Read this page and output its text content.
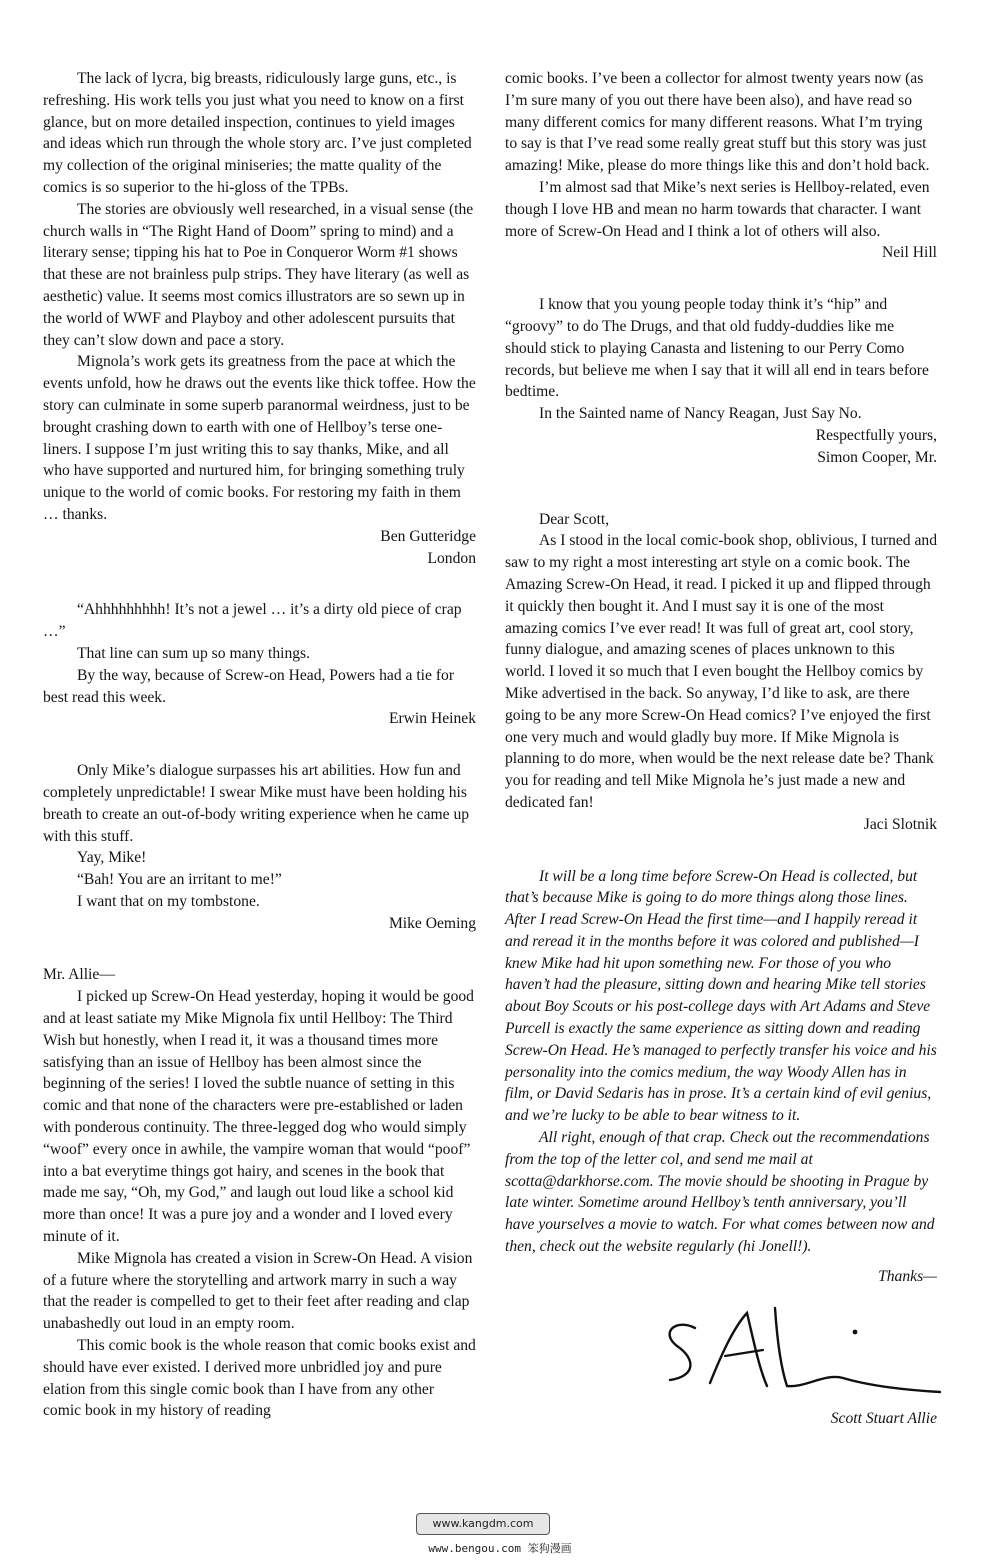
The lack of lycra, big breasts, ridiculously large guns, etc., is refreshing. His work tells you just what you need to know on a first glance, but on more detailed inspection, continues to yield images and ideas which run through the whole story arc. I’ve just completed my collection of the original miniseries; the matte quality of the comics is so superior to the hi-gloss of the TPBs.

The stories are obviously well researched, in a visual sense (the church walls in “The Right Hand of Doom” spring to mind) and a literary sense; tipping his hat to Poe in Conqueror Worm #1 shows that these are not brainless pulp strips. They have literary (as well as aesthetic) value. It seems most comics illustrators are so sewn up in the world of WWF and Playboy and other adolescent pursuits that they can’t slow down and pace a story.

Mignola’s work gets its greatness from the pace at which the events unfold, how he draws out the events like thick toffee. How the story can culminate in some superb paranormal weirdness, just to be brought crashing down to earth with one of Hellboy’s terse one-liners. I suppose I’m just writing this to say thanks, Mike, and all who have supported and nurtured him, for bringing something truly unique to the world of comic books. For restoring my faith in them … thanks.

Ben Gutteridge

London

“Ahhhhhhhhh! It’s not a jewel … it’s a dirty old piece of crap …”

That line can sum up so many things.

By the way, because of Screw-on Head, Powers had a tie for best read this week.

Erwin Heinek

Only Mike’s dialogue surpasses his art abilities. How fun and completely unpredictable! I swear Mike must have been holding his breath to create an out-of-body writing experience when he came up with this stuff.

Yay, Mike!

“Bah! You are an irritant to me!”

I want that on my tombstone.

Mike Oeming

Mr. Allie—

I picked up Screw-On Head yesterday, hoping it would be good and at least satiate my Mike Mignola fix until Hellboy: The Third Wish but honestly, when I read it, it was a thousand times more satisfying than an issue of Hellboy has been almost since the beginning of the series! I loved the subtle nuance of setting in this comic and that none of the characters were pre-established or laden with ponderous continuity. The three-legged dog who would simply “woof” every once in awhile, the vampire woman that would “poof” into a bat everytime things got hairy, and scenes in the book that made me say, “Oh, my God,” and laugh out loud like a school kid more than once! It was a pure joy and a wonder and I loved every minute of it.

Mike Mignola has created a vision in Screw-On Head. A vision of a future where the storytelling and artwork marry in such a way that the reader is compelled to get to their feet after reading and clap unabashedly out loud in an empty room.

This comic book is the whole reason that comic books exist and should have ever existed. I derived more unbridled joy and pure elation from this single comic book than I have from any other comic book in my history of reading

comic books. I’ve been a collector for almost twenty years now (as I’m sure many of you out there have been also), and have read so many different comics for many different reasons. What I’m trying to say is that I’ve read some really great stuff but this story was just amazing! Mike, please do more things like this and don’t hold back.

I’m almost sad that Mike’s next series is Hellboy-related, even though I love HB and mean no harm towards that character. I want more of Screw-On Head and I think a lot of others will also.

Neil Hill

I know that you young people today think it’s “hip” and “groovy” to do The Drugs, and that old fuddy-duddies like me should stick to playing Canasta and listening to our Perry Como records, but believe me when I say that it will all end in tears before bedtime.

In the Sainted name of Nancy Reagan, Just Say No.

Respectfully yours,

Simon Cooper, Mr.

Dear Scott,

As I stood in the local comic-book shop, oblivious, I turned and saw to my right a most interesting art style on a comic book. The Amazing Screw-On Head, it read. I picked it up and flipped through it quickly then bought it. And I must say it is one of the most amazing comics I’ve ever read! It was full of great art, cool story, funny dialogue, and amazing scenes of places unknown to this world. I loved it so much that I even bought the Hellboy comics by Mike advertised in the back. So anyway, I’d like to ask, are there going to be any more Screw-On Head comics? I’ve enjoyed the first one very much and would gladly buy more. If Mike Mignola is planning to do more, when would be the next release date be? Thank you for reading and tell Mike Mignola he’s just made a new and dedicated fan!

Jaci Slotnik

It will be a long time before Screw-On Head is collected, but that’s because Mike is going to do more things along those lines. After I read Screw-On Head the first time—and I happily reread it and reread it in the months before it was colored and published—I knew Mike had hit upon something new. For those of you who haven’t had the pleasure, sitting down and hearing Mike tell stories about Boy Scouts or his post-college days with Art Adams and Steve Purcell is exactly the same experience as sitting down and reading Screw-On Head. He’s managed to perfectly transfer his voice and his personality into the comics medium, the way Woody Allen has in film, or David Sedaris has in prose. It’s a certain kind of evil genius, and we’re lucky to be able to bear witness to it.

All right, enough of that crap. Check out the recommendations from the top of the letter col, and send me mail at scotta@darkhorse.com. The movie should be shooting in Prague by late winter. Sometime around Hellboy’s tenth anniversary, you’ll have yourselves a movie to watch. For what comes between now and then, check out the website regularly (hi Jonell!).

Thanks—

Scott Stuart Allie

www.kangdm.com
www.bengou.com 笨狗漫画
